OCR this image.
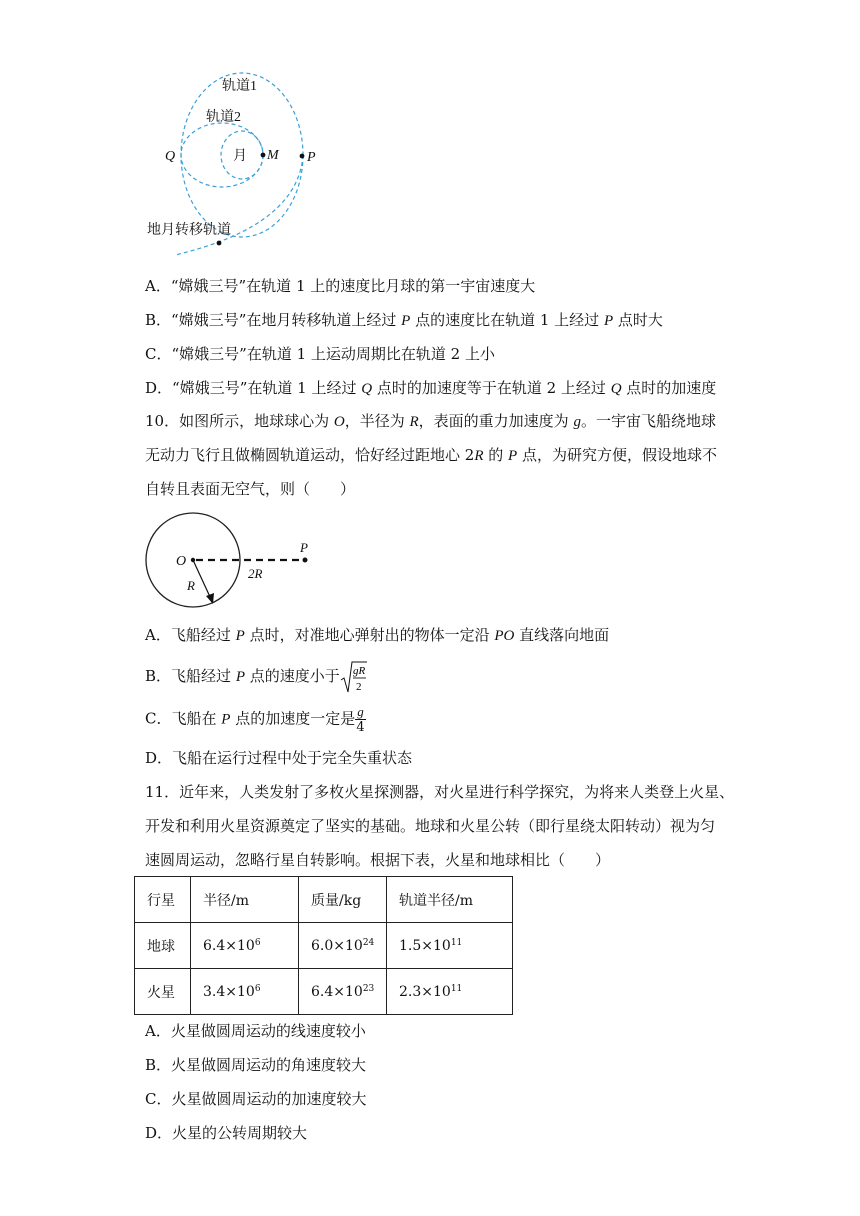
轨道1
轨道2
月
Q	M P
地月转移轨道
A．“嫦娥三号”在轨道 1 上的速度比月球的第一宇宙速度大
B．“嫦娥三号”在地月转移轨道上经过 P 点的速度比在轨道 1 上经过 P 点时大
C．“嫦娥三号”在轨道 1 上运动周期比在轨道 2 上小
D．“嫦娥三号”在轨道 1 上经过 Q 点时的加速度等于在轨道 2 上经过 Q 点时的加速度
10．如图所示，地球球心为 O，半径为 R，表面的重力加速度为 g。一宇宙飞船绕地球
无动力飞行且做椭圆轨道运动，恰好经过距地心 2R 的 P 点，为研究方便，假设地球不
自转且表面无空气，则（　　）
O
R
2R
P
A．飞船经过 P 点时，对准地心弹射出的物体一定沿 PO 直线落向地面
B．飞船经过 P 点的速度小于 gR
2
C．飞船在 P 点的加速度一定是 $\frac{g}{4}$
D．飞船在运行过程中处于完全失重状态
11．近年来，人类发射了多枚火星探测器，对火星进行科学探究，为将来人类登上火星、
开发和利用火星资源奠定了坚实的基础。地球和火星公转（即行星绕太阳转动）视为匀
速圆周运动，忽略行星自转影响。根据下表，火星和地球相比（　　）
行星	半径/m	质量/kg	轨道半径/m
地球	$6.4\times 10^6$	$6.0\times 10^{24}$	$1.5\times 10^{11}$
火星	$3.4\times 10^6$	$6.4\times 10^{23}$	$2.3\times 10^{11}$
A．火星做圆周运动的线速度较小
B．火星做圆周运动的角速度较大
C．火星做圆周运动的加速度较大
D．火星的公转周期较大
